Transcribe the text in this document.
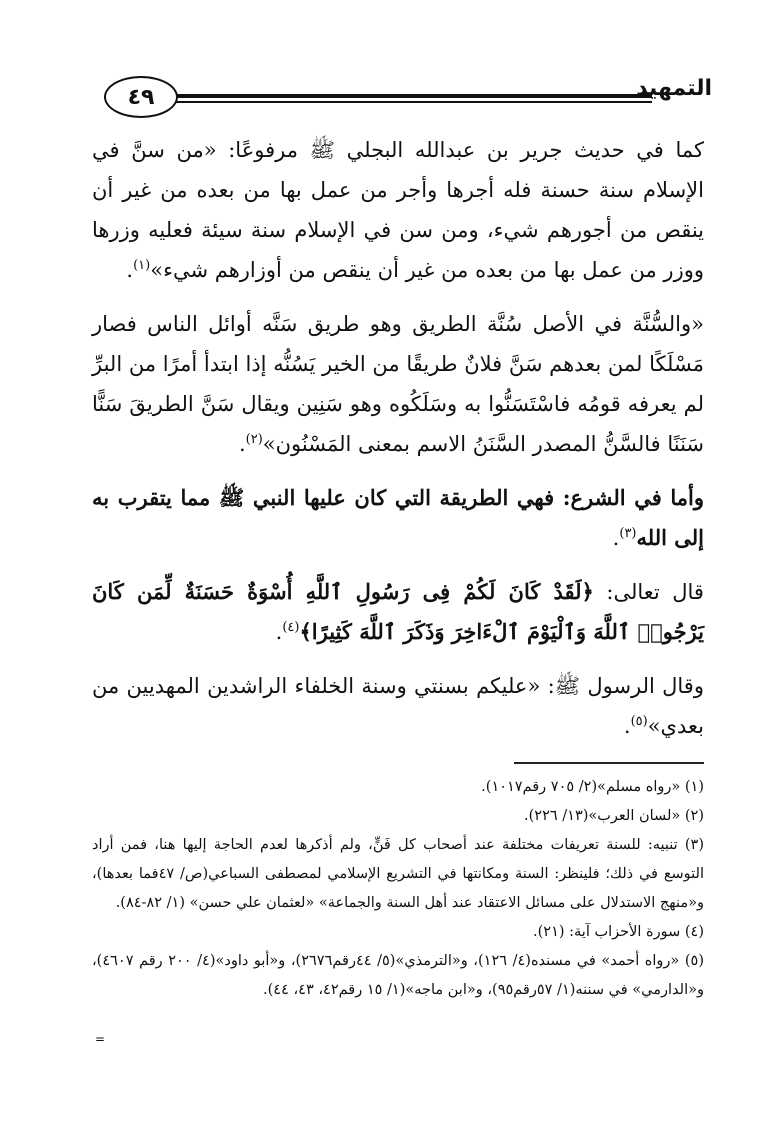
٤٩	التمهيد

كما في حديث جرير بن عبدالله البجلي ﷺ مرفوعًا: «من سنَّ في الإسلام سنة حسنة فله أجرها وأجر من عمل بها من بعده من غير أن ينقص من أجورهم شيء، ومن سن في الإسلام سنة سيئة فعليه وزرها ووزر من عمل بها من بعده من غير أن ينقص من أوزارهم شيء»$^{(١)}$.

«والسُّنَّة في الأصل سُنَّة الطريق وهو طريق سَنَّه أوائل الناس فصار مَسْلَكًا لمن بعدهم سَنَّ فلانٌ طريقًا من الخير يَسُنُّه إذا ابتدأ أمرًا من البرِّ لم يعرفه قومُه فاسْتَسَنُّوا به وسَلَكُوه وهو سَنِين ويقال سَنَّ الطريقَ سَنًّا سَنَنًا فالسَّنُّ المصدر السَّنَنُ الاسم بمعنى المَسْنُون»$^{(٢)}$.

وأما في الشرع: فهي الطريقة التي كان عليها النبي ﷺ مما يتقرب به إلى الله$^{(٣)}$.

قال تعالى: ﴿لَقَدْ كَانَ لَكُمْ فِى رَسُولِ ٱللَّهِ أُسْوَةٌ حَسَنَةٌ لِّمَن كَانَ يَرْجُوا۟ ٱللَّهَ وَٱلْيَوْمَ ٱلْءَاخِرَ وَذَكَرَ ٱللَّهَ كَثِيرًا﴾$^{(٤)}$.

وقال الرسول ﷺ: «عليكم بسنتي وسنة الخلفاء الراشدين المهديين من بعدي»$^{(٥)}$.

(١) «رواه مسلم»(٢/ ٧٠٥ رقم١٠١٧).

(٢) «لسان العرب»(١٣/ ٢٢٦).

(٣) تنبيه: للسنة تعريفات مختلفة عند أصحاب كل فَنٍّ، ولم أذكرها لعدم الحاجة إليها هنا، فمن أراد التوسع في ذلك؛ فلينظر: السنة ومكانتها في التشريع الإسلامي لمصطفى السباعي(ص/ ٤٧فما بعدها)، و«منهج الاستدلال على مسائل الاعتقاد عند أهل السنة والجماعة» «لعثمان علي حسن» (١/ ٨٢-٨٤).

(٤) سورة الأحزاب آية: (٢١).

(٥) «رواه أحمد» في مسنده(٤/ ١٢٦)، و«الترمذي»(٥/ ٤٤رقم٢٦٧٦)، و«أبو داود»(٤/ ٢٠٠ رقم ٤٦٠٧)، و«الدارمي» في سننه(١/ ٥٧رقم٩٥)، و«ابن ماجه»(١/ ١٥ رقم٤٢، ٤٣، ٤٤).

=
